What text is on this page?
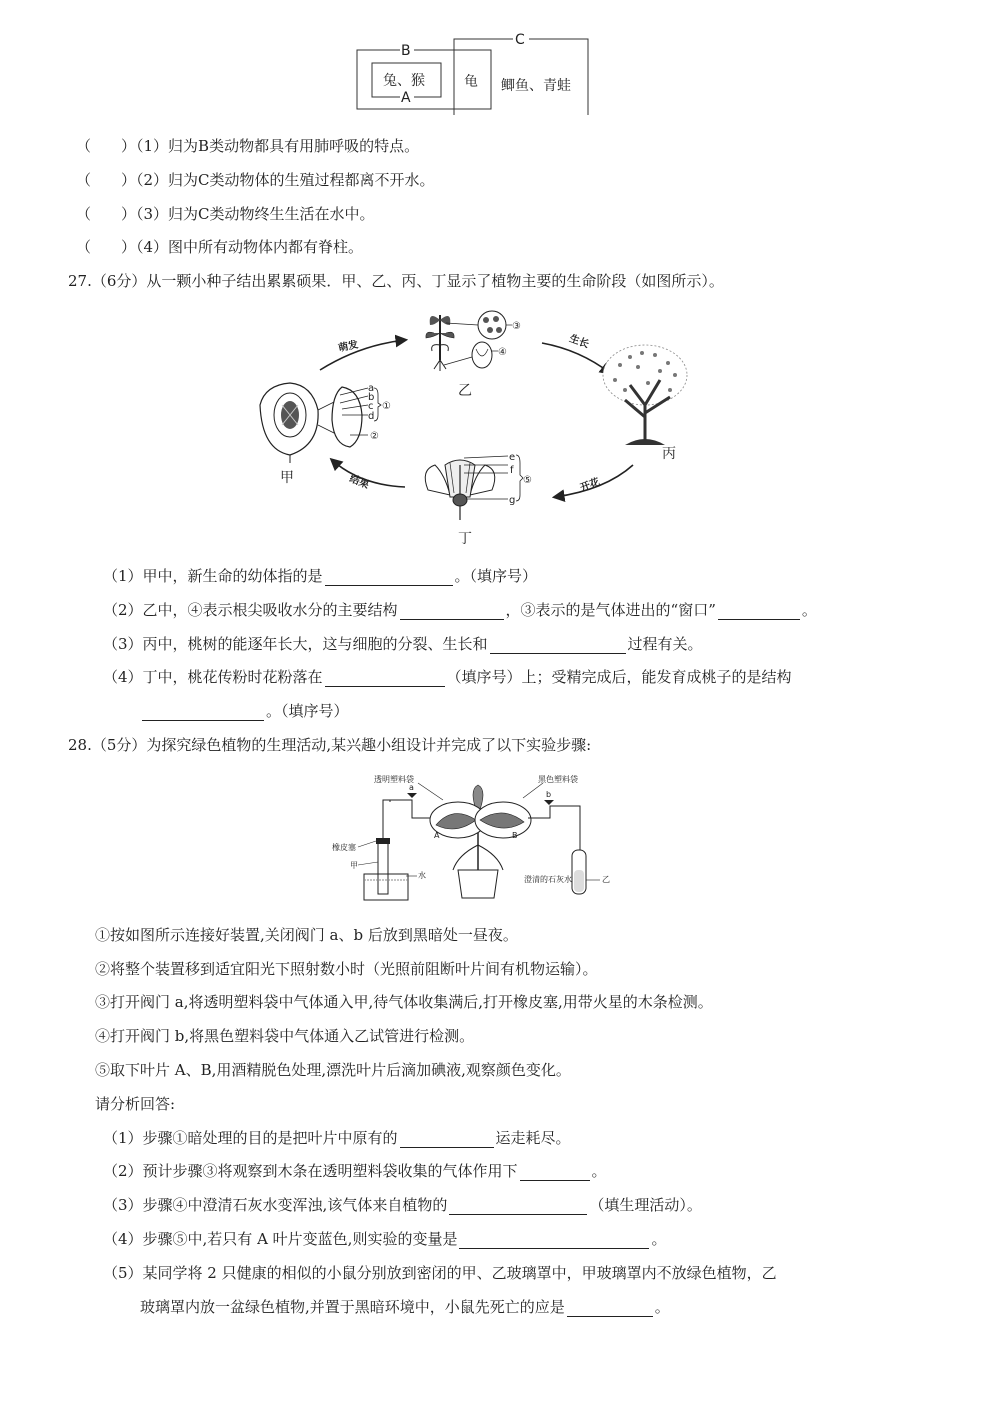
B
C
A
兔、猴	龟 鲫鱼、青蛙
（　　）（1）归为B类动物都具有用肺呼吸的特点。
（　　）（2）归为C类动物体的生殖过程都离不开水。
（　　）（3）归为C类动物终生生活在水中。
（　　）（4）图中所有动物体内都有脊柱。
27.（6分）从一颗小种子结出累累硕果．甲、乙、丙、丁显示了植物主要的生命阶段（如图所示）。
萌发	生长
开花
结果
a
b
c
d
①
②
甲
③
④
乙
丙
e
f
g
⑤
丁
（1）甲中，新生命的幼体指的是	。（填序号）
（2）乙中，④表示根尖吸收水分的主要结构	，③表示的是气体进出的“窗口”	。
（3）丙中，桃树的能逐年长大，这与细胞的分裂、生长和	过程有关。
（4）丁中，桃花传粉时花粉落在	（填序号）上；受精完成后，能发育成桃子的是结构
。（填序号）
28.（5分）为探究绿色植物的生理活动,某兴趣小组设计并完成了以下实验步骤:
透明塑料袋	黑色塑料袋
A	B
a
橡皮塞
甲
水
b
澄清的石灰水	乙
①按如图所示连接好装置,关闭阀门 a、b 后放到黑暗处一昼夜。
②将整个装置移到适宜阳光下照射数小时（光照前阻断叶片间有机物运输）。
③打开阀门 a,将透明塑料袋中气体通入甲,待气体收集满后,打开橡皮塞,用带火星的木条检测。
④打开阀门 b,将黑色塑料袋中气体通入乙试管进行检测。
⑤取下叶片 A、B,用酒精脱色处理,漂洗叶片后滴加碘液,观察颜色变化。
请分析回答:
（1）步骤①暗处理的目的是把叶片中原有的	运走耗尽。
（2）预计步骤③将观察到木条在透明塑料袋收集的气体作用下	。
（3）步骤④中澄清石灰水变浑浊,该气体来自植物的	（填生理活动）。
（4）步骤⑤中,若只有 A 叶片变蓝色,则实验的变量是	。
（5）某同学将 2 只健康的相似的小鼠分别放到密闭的甲、乙玻璃罩中，甲玻璃罩内不放绿色植物，乙
玻璃罩内放一盆绿色植物,并置于黑暗环境中，小鼠先死亡的应是	。
